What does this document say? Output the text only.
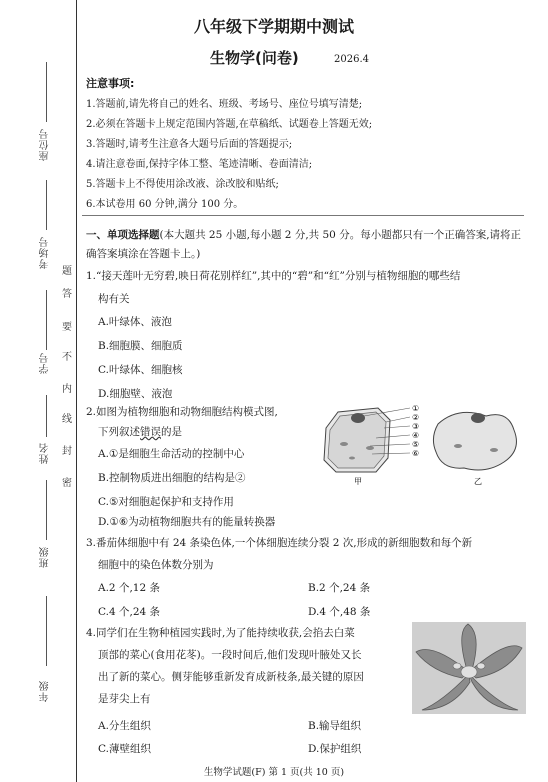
座位号
考场号
学号
姓名
班级
年级
题
答
要
不
内
线
封
密
八年级下学期期中测试
生物学(问卷)	2026.4
注意事项:
1.答题前,请先将自己的姓名、班级、考场号、座位号填写清楚;
2.必须在答题卡上规定范围内答题,在草稿纸、试题卷上答题无效;
3.答题时,请考生注意各大题号后面的答题提示;
4.请注意卷面,保持字体工整、笔迹清晰、卷面清洁;
5.答题卡上不得使用涂改液、涂改胶和贴纸;
6.本试卷用 60 分钟,满分 100 分。
一、单项选择题(本大题共 25 小题,每小题 2 分,共 50 分。每小题都只有一个正确答案,请将正确答案填涂在答题卡上。)
1.“接天莲叶无穷碧,映日荷花别样红”,其中的“碧”和“红”分别与植物细胞的哪些结
构有关
A.叶绿体、液泡
B.细胞膜、细胞质
C.叶绿体、细胞核
D.细胞壁、液泡
2.如图为植物细胞和动物细胞结构模式图,
下列叙述错误的是
A.①是细胞生命活动的控制中心
B.控制物质进出细胞的结构是②
C.⑤对细胞起保护和支持作用
D.①⑥为动植物细胞共有的能量转换器
①
②
③
④
⑤
⑥
甲	乙
3.番茄体细胞中有 24 条染色体,一个体细胞连续分裂 2 次,形成的新细胞数和每个新
细胞中的染色体数分别为
A.2 个,12 条	B.2 个,24 条
C.4 个,24 条	D.4 个,48 条
4.同学们在生物种植园实践时,为了能持续收获,会掐去白菜
顶部的菜心(食用花苳)。一段时间后,他们发现叶腋处又长
出了新的菜心。侧芽能够重新发育成新枝条,最关键的原因
是芽尖上有
A.分生组织	B.输导组织
C.薄壁组织	D.保护组织
生物学试题(F) 第 1 页(共 10 页)
